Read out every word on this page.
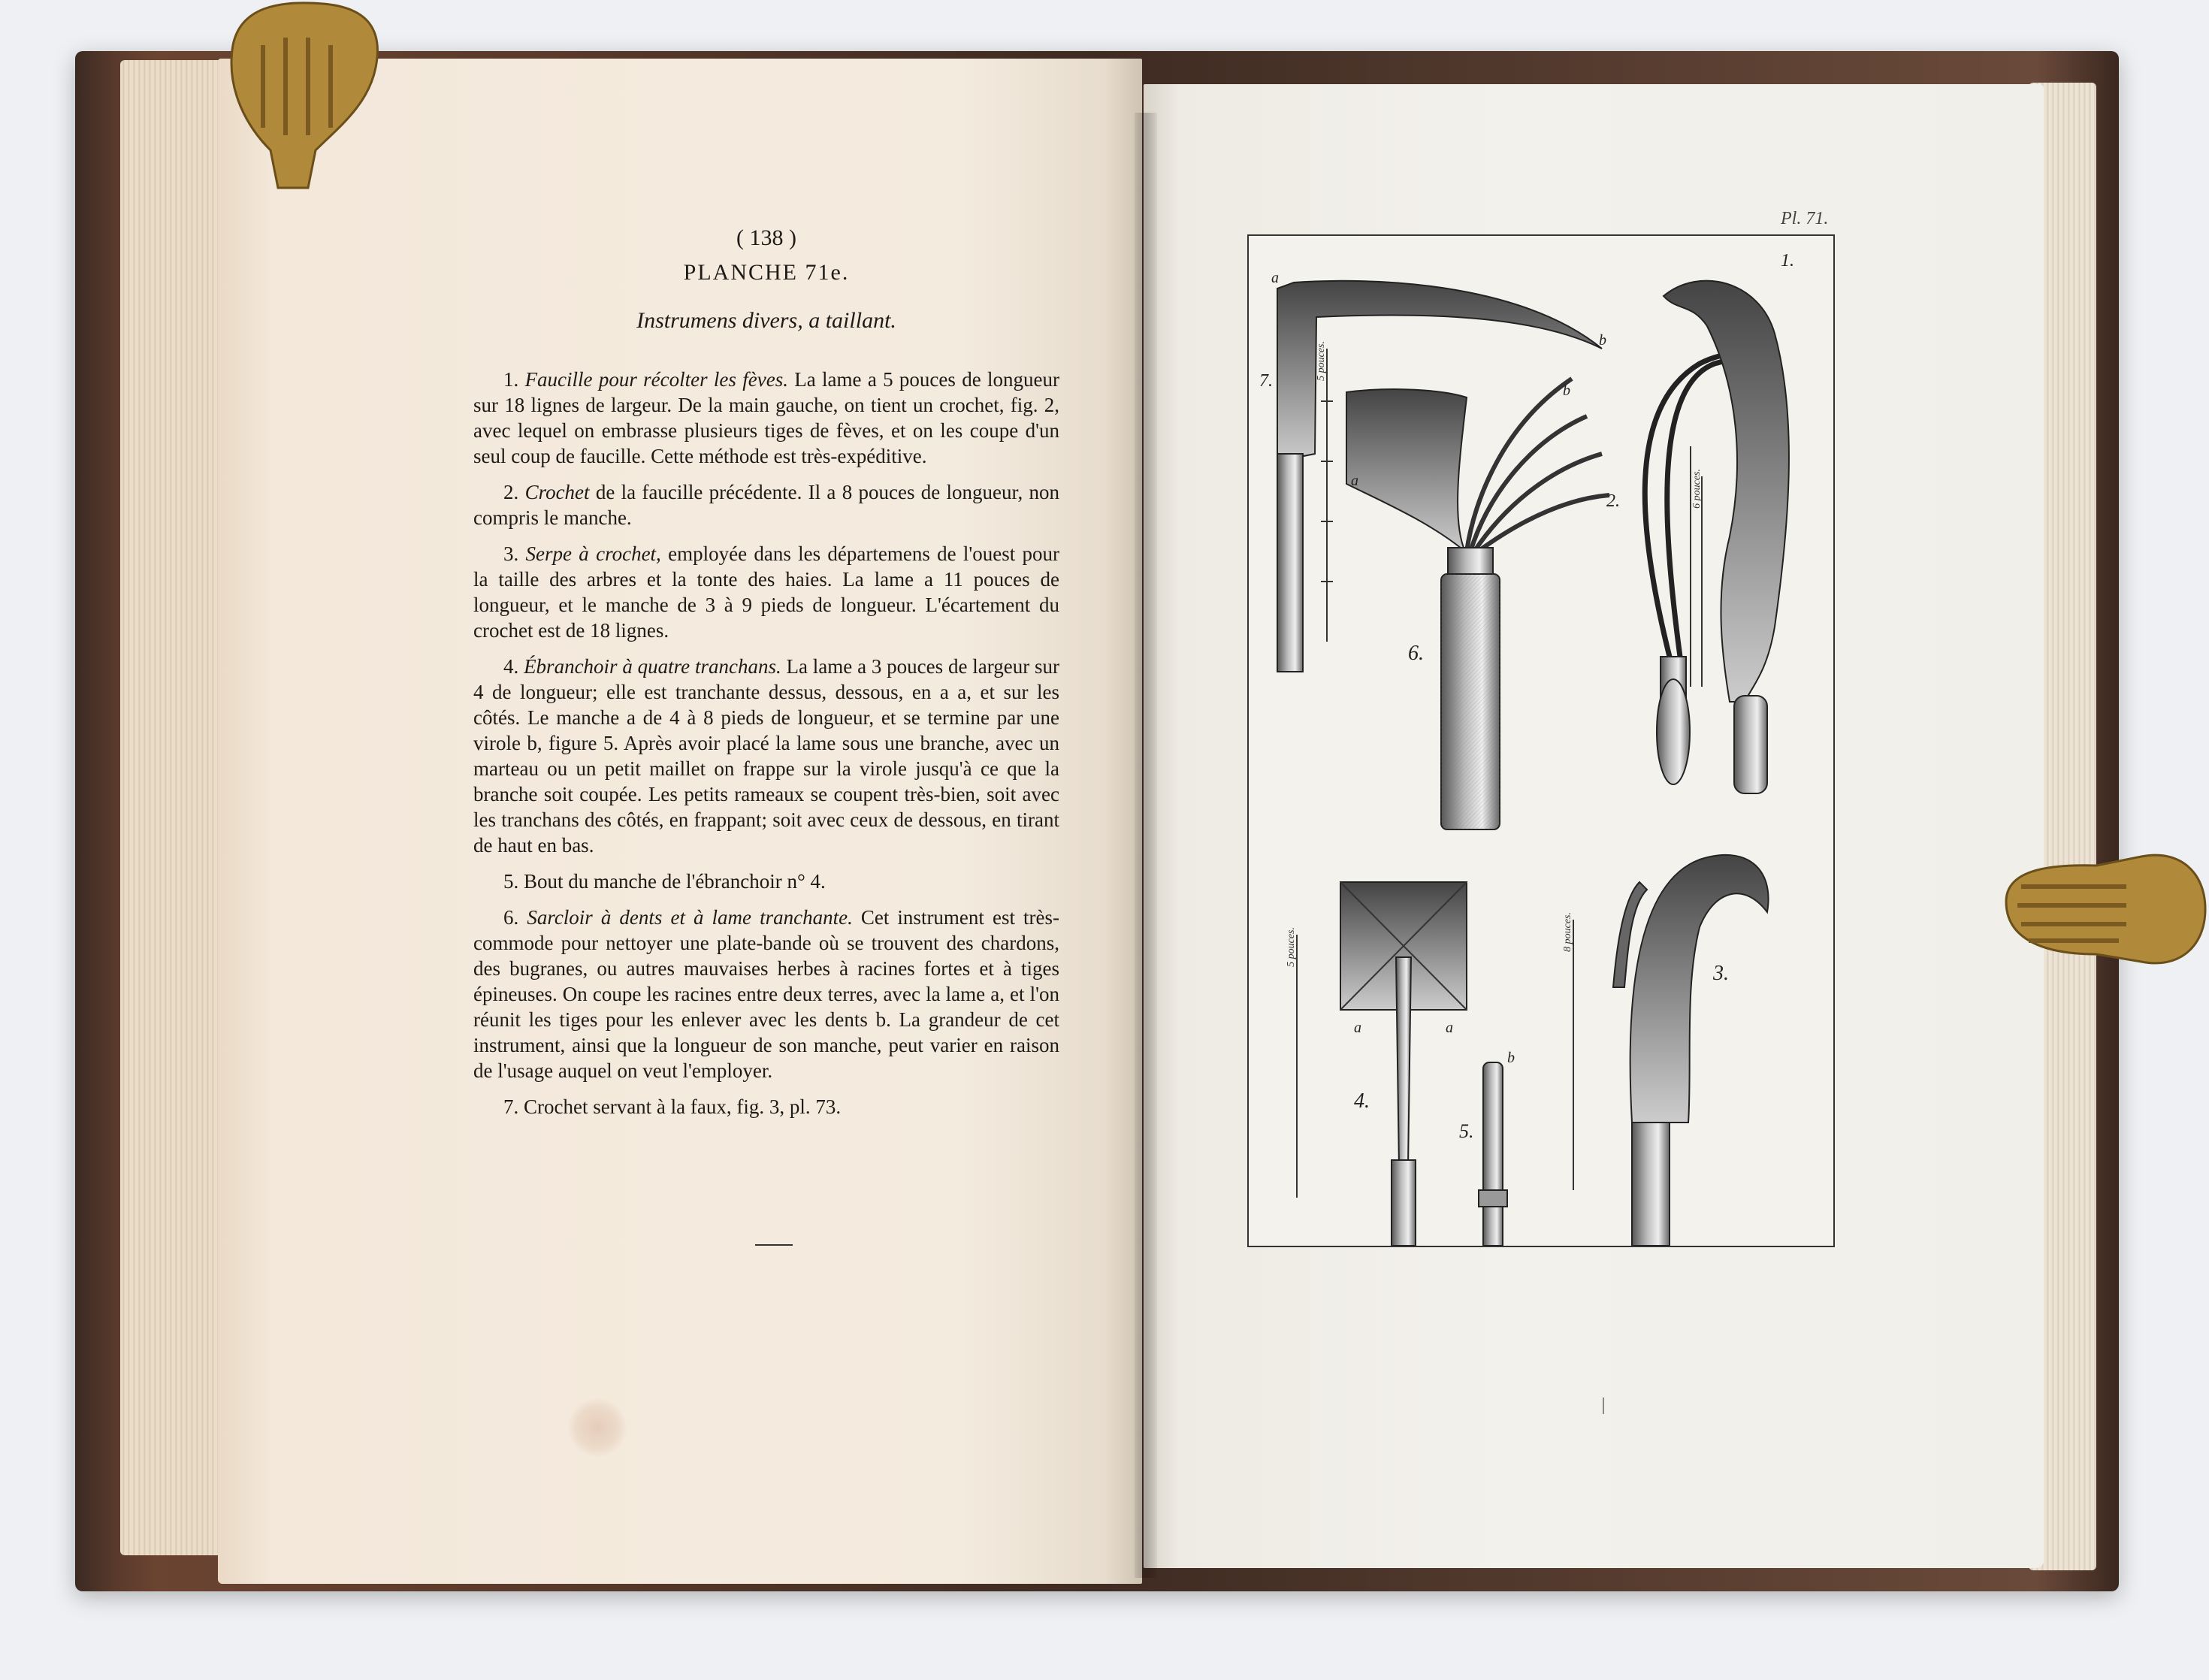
( 138 )
PLANCHE 71e.
Instrumens divers, a taillant.

1. Faucille pour récolter les fèves. La lame a 5 pouces de longueur sur 18 lignes de largeur. De la main gauche, on tient un crochet, fig. 2, avec lequel on embrasse plusieurs tiges de fèves, et on les coupe d'un seul coup de faucille. Cette méthode est très-expéditive.

2. Crochet de la faucille précédente. Il a 8 pouces de longueur, non compris le manche.

3. Serpe à crochet, employée dans les départemens de l'ouest pour la taille des arbres et la tonte des haies. La lame a 11 pouces de longueur, et le manche de 3 à 9 pieds de longueur. L'écartement du crochet est de 18 lignes.

4. Ébranchoir à quatre tranchans. La lame a 3 pouces de largeur sur 4 de longueur; elle est tranchante dessus, dessous, en a a, et sur les côtés. Le manche a de 4 à 8 pieds de longueur, et se termine par une virole b, figure 5. Après avoir placé la lame sous une branche, avec un marteau ou un petit maillet on frappe sur la virole jusqu'à ce que la branche soit coupée. Les petits rameaux se coupent très-bien, soit avec les tranchans des côtés, en frappant; soit avec ceux de dessous, en tirant de haut en bas.

5. Bout du manche de l'ébranchoir n° 4.

6. Sarcloir à dents et à lame tranchante. Cet instrument est très-commode pour nettoyer une plate-bande où se trouvent des chardons, des bugranes, ou autres mauvaises herbes à racines fortes et à tiges épineuses. On coupe les racines entre deux terres, avec la lame a, et l'on réunit les tiges pour les enlever avec les dents b. La grandeur de cet instrument, ainsi que la longueur de son manche, peut varier en raison de l'usage auquel on veut l'employer.

7. Crochet servant à la faux, fig. 3, pl. 73.

Pl. 71.
1.
2.
3.
4.
5.
6.
7.
a
b
a
b
a	a
b
5 pouces.
6 pouces.
5 pouces.	8 pouces.
